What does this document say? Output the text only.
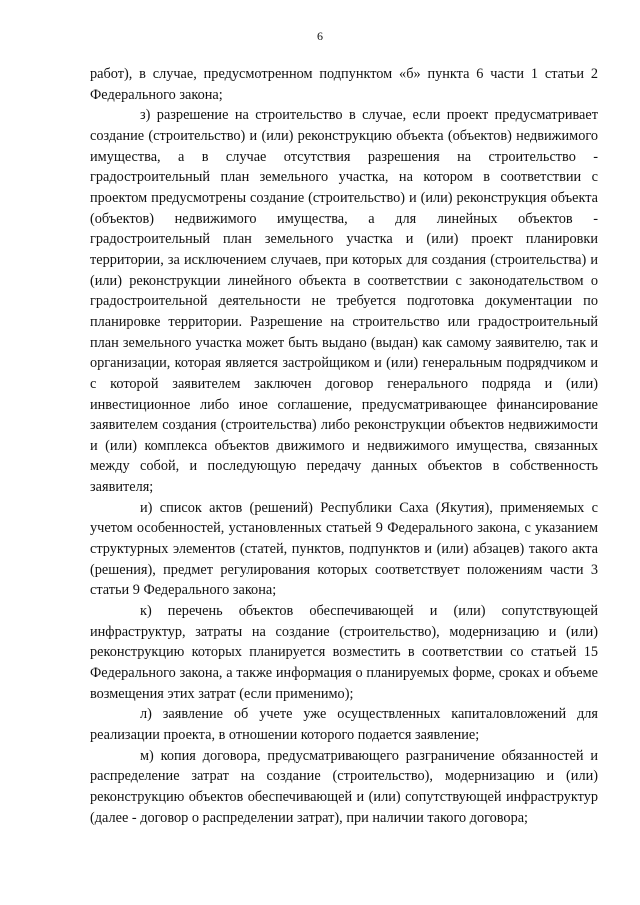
6

работ), в случае, предусмотренном подпунктом «б» пункта 6 части 1 статьи 2 Федерального закона;

з) разрешение на строительство в случае, если проект предусматривает создание (строительство) и (или) реконструкцию объекта (объектов) недвижимого имущества, а в случае отсутствия разрешения на строительство - градостроительный план земельного участка, на котором в соответствии с проектом предусмотрены создание (строительство) и (или) реконструкция объекта (объектов) недвижимого имущества, а для линейных объектов - градостроительный план земельного участка и (или) проект планировки территории, за исключением случаев, при которых для создания (строительства) и (или) реконструкции линейного объекта в соответствии с законодательством о градостроительной деятельности не требуется подготовка документации по планировке территории. Разрешение на строительство или градостроительный план земельного участка может быть выдано (выдан) как самому заявителю, так и организации, которая является застройщиком и (или) генеральным подрядчиком и с которой заявителем заключен договор генерального подряда и (или) инвестиционное либо иное соглашение, предусматривающее финансирование заявителем создания (строительства) либо реконструкции объектов недвижимости и (или) комплекса объектов движимого и недвижимого имущества, связанных между собой, и последующую передачу данных объектов в собственность заявителя;

и) список актов (решений) Республики Саха (Якутия), применяемых с учетом особенностей, установленных статьей 9 Федерального закона, с указанием структурных элементов (статей, пунктов, подпунктов и (или) абзацев) такого акта (решения), предмет регулирования которых соответствует положениям части 3 статьи 9 Федерального закона;

к) перечень объектов обеспечивающей и (или) сопутствующей инфраструктур, затраты на создание (строительство), модернизацию и (или) реконструкцию которых планируется возместить в соответствии со статьей 15 Федерального закона, а также информация о планируемых форме, сроках и объеме возмещения этих затрат (если применимо);

л) заявление об учете уже осуществленных капиталовложений для реализации проекта, в отношении которого подается заявление;

м) копия договора, предусматривающего разграничение обязанностей и распределение затрат на создание (строительство), модернизацию и (или) реконструкцию объектов обеспечивающей и (или) сопутствующей инфраструктур (далее - договор о распределении затрат), при наличии такого договора;
